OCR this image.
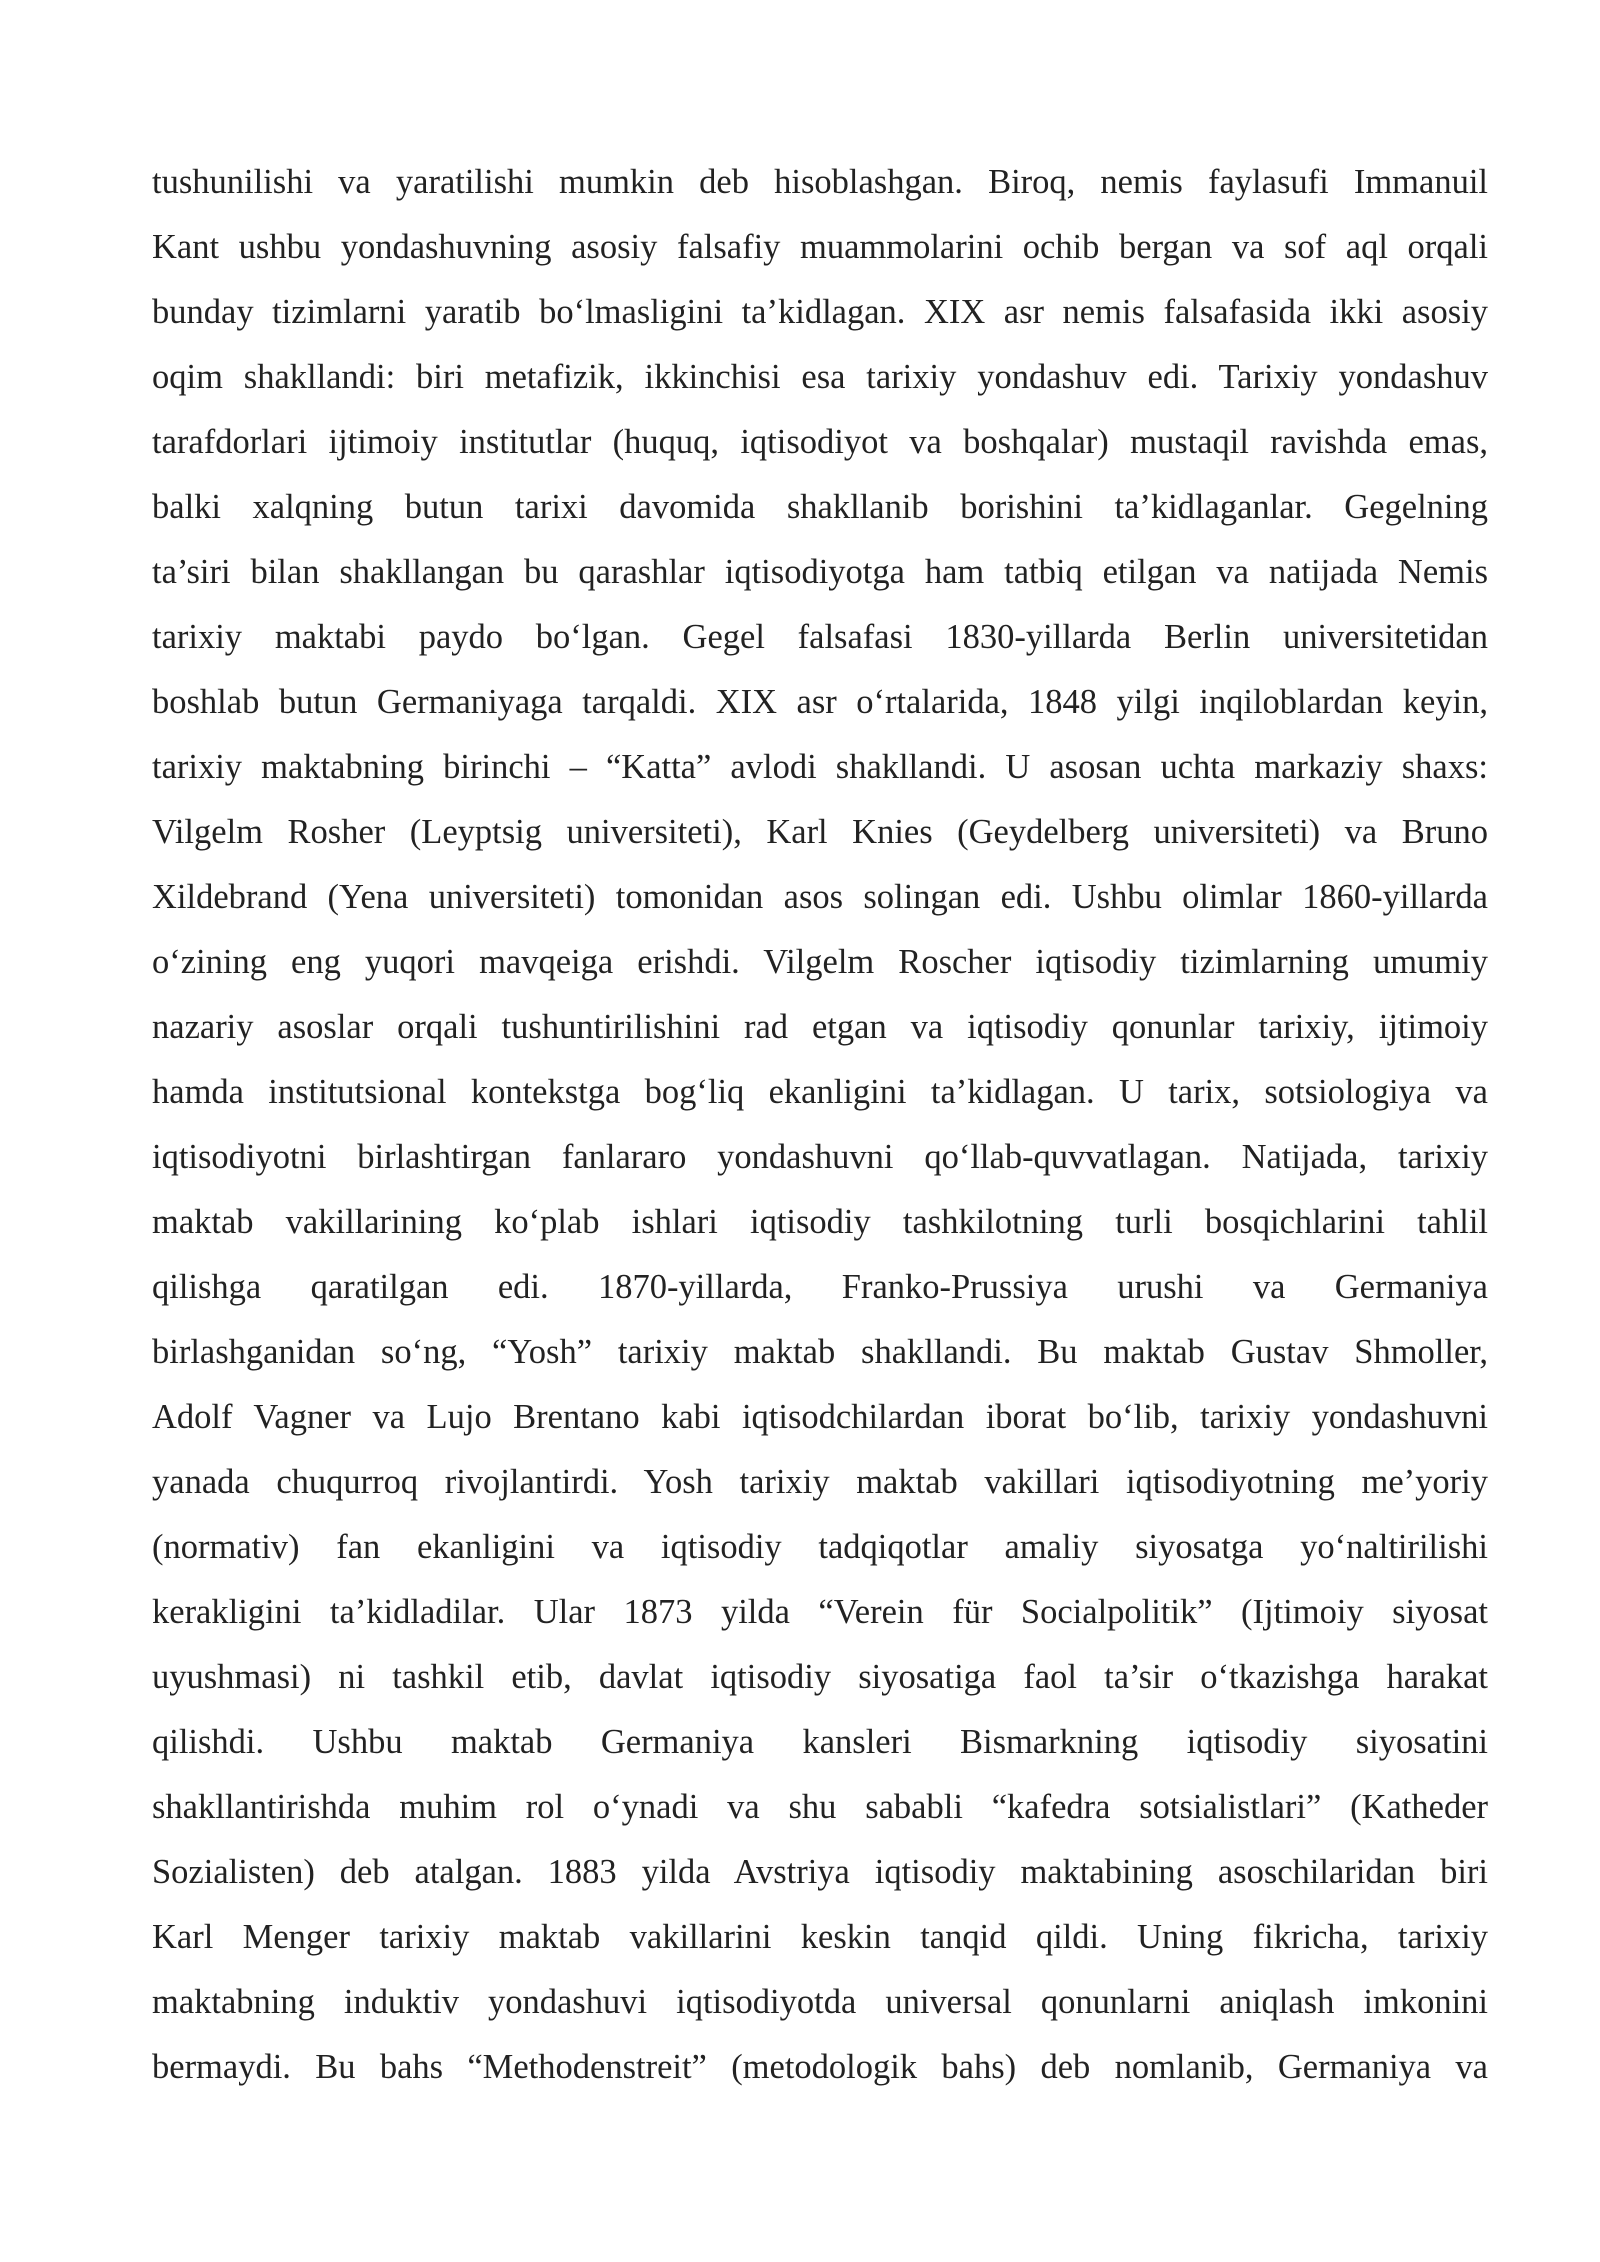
tushunilishi va yaratilishi mumkin deb hisoblashgan. Biroq, nemis faylasufi Immanuil
Kant ushbu yondashuvning asosiy falsafiy muammolarini ochib bergan va sof aql orqali
bunday tizimlarni yaratib bo‘lmasligini ta’kidlagan. XIX asr nemis falsafasida ikki asosiy
oqim shakllandi: biri metafizik, ikkinchisi esa tarixiy yondashuv edi. Tarixiy yondashuv
tarafdorlari ijtimoiy institutlar (huquq, iqtisodiyot va boshqalar) mustaqil ravishda emas,
balki xalqning butun tarixi davomida shakllanib borishini ta’kidlaganlar. Gegelning
ta’siri bilan shakllangan bu qarashlar iqtisodiyotga ham tatbiq etilgan va natijada Nemis
tarixiy maktabi paydo bo‘lgan. Gegel falsafasi 1830-yillarda Berlin universitetidan
boshlab butun Germaniyaga tarqaldi. XIX asr o‘rtalarida, 1848 yilgi inqiloblardan keyin,
tarixiy maktabning birinchi – “Katta” avlodi shakllandi. U asosan uchta markaziy shaxs:
Vilgelm Rosher (Leyptsig universiteti), Karl Knies (Geydelberg universiteti) va Bruno
Xildebrand (Yena universiteti) tomonidan asos solingan edi. Ushbu olimlar 1860-yillarda
o‘zining eng yuqori mavqeiga erishdi. Vilgelm Roscher iqtisodiy tizimlarning umumiy
nazariy asoslar orqali tushuntirilishini rad etgan va iqtisodiy qonunlar tarixiy, ijtimoiy
hamda institutsional kontekstga bog‘liq ekanligini ta’kidlagan. U tarix, sotsiologiya va
iqtisodiyotni birlashtirgan fanlararo yondashuvni qo‘llab-quvvatlagan. Natijada, tarixiy
maktab vakillarining ko‘plab ishlari iqtisodiy tashkilotning turli bosqichlarini tahlil
qilishga qaratilgan edi. 1870-yillarda, Franko-Prussiya urushi va Germaniya
birlashganidan so‘ng, “Yosh” tarixiy maktab shakllandi. Bu maktab Gustav Shmoller,
Adolf Vagner va Lujo Brentano kabi iqtisodchilardan iborat bo‘lib, tarixiy yondashuvni
yanada chuqurroq rivojlantirdi. Yosh tarixiy maktab vakillari iqtisodiyotning me’yoriy
(normativ) fan ekanligini va iqtisodiy tadqiqotlar amaliy siyosatga yo‘naltirilishi
kerakligini ta’kidladilar. Ular 1873 yilda “Verein für Socialpolitik” (Ijtimoiy siyosat
uyushmasi) ni tashkil etib, davlat iqtisodiy siyosatiga faol ta’sir o‘tkazishga harakat
qilishdi. Ushbu maktab Germaniya kansleri Bismarkning iqtisodiy siyosatini
shakllantirishda muhim rol o‘ynadi va shu sababli “kafedra sotsialistlari” (Katheder
Sozialisten) deb atalgan. 1883 yilda Avstriya iqtisodiy maktabining asoschilaridan biri
Karl Menger tarixiy maktab vakillarini keskin tanqid qildi. Uning fikricha, tarixiy
maktabning induktiv yondashuvi iqtisodiyotda universal qonunlarni aniqlash imkonini
bermaydi. Bu bahs “Methodenstreit” (metodologik bahs) deb nomlanib, Germaniya va
